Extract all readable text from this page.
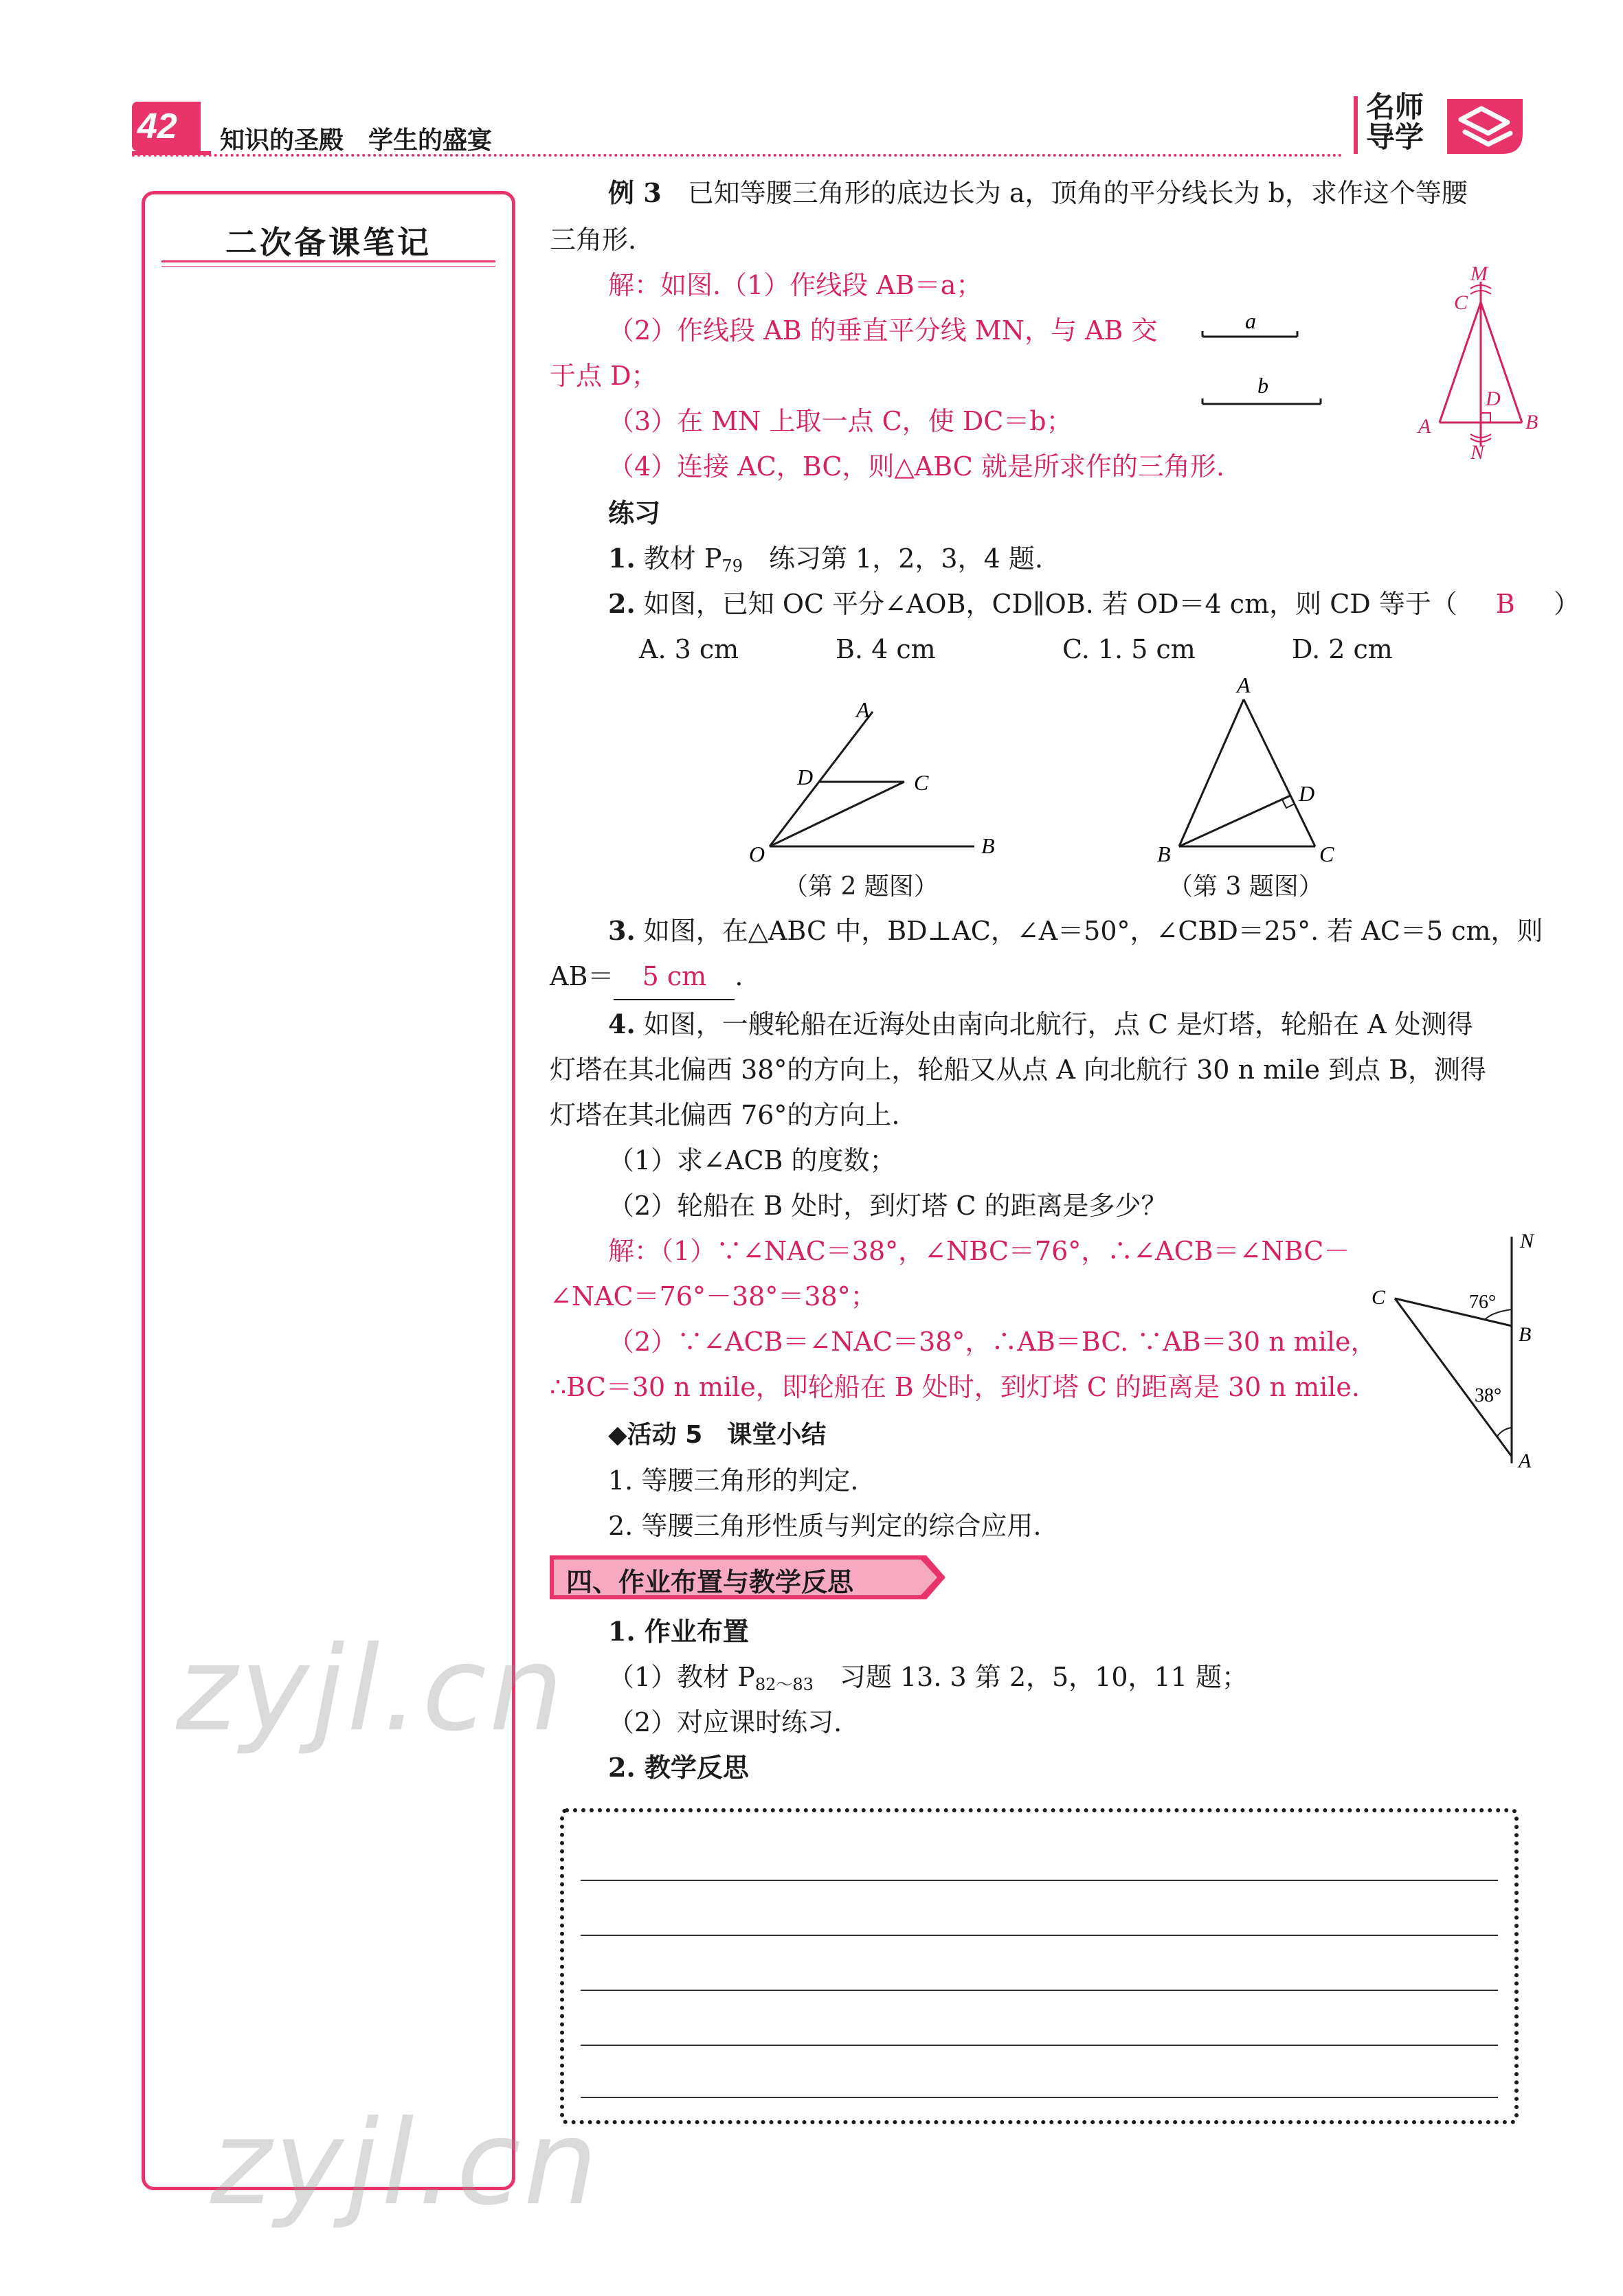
42 知识的圣殿　学生的盛宴
名师
导学
二次备课笔记
zyjl.cn
zyjl.cn
例 3 已知等腰三角形的底边长为 a，顶角的平分线长为 b，求作这个等腰
三角形.
解：如图.（1）作线段 AB＝a；
（2）作线段 AB 的垂直平分线 MN，与 AB 交
于点 D；
（3）在 MN 上取一点 C，使 DC＝b；
（4）连接 AC，BC，则△ABC 就是所求作的三角形.
a
b
M
C
D
A	B
N
练习
1. 教材 $P_{79}$　练习第 1，2，3，4 题.
2. 如图，已知 OC 平分∠AOB，CD∥OB. 若 OD＝4 cm，则 CD 等于（ B ）
A. 3 cm	B. 4 cm	C. 1. 5 cm	D. 2 cm
A
D	C
O	B
（第 2 题图）
A
D
B	C
（第 3 题图）
3. 如图，在△ABC 中，BD⊥AC，∠A＝50°，∠CBD＝25°. 若 AC＝5 cm，则
AB＝ 5 cm .
4. 如图，一艘轮船在近海处由南向北航行，点 C 是灯塔，轮船在 A 处测得
灯塔在其北偏西 38°的方向上，轮船又从点 A 向北航行 30 n mile 到点 B，测得
灯塔在其北偏西 76°的方向上.
（1）求∠ACB 的度数；
（2）轮船在 B 处时，到灯塔 C 的距离是多少？
解：（1）∵∠NAC＝38°，∠NBC＝76°，∴∠ACB＝∠NBC－
∠NAC＝76°－38°＝38°；
（2）∵∠ACB＝∠NAC＝38°，∴AB＝BC. ∵AB＝30 n mile，
∴BC＝30 n mile，即轮船在 B 处时，到灯塔 C 的距离是 30 n mile.
N
C
B
A
76°
38°
◆活动 5　课堂小结
1. 等腰三角形的判定.
2. 等腰三角形性质与判定的综合应用.
四、作业布置与教学反思
1. 作业布置
（1）教材 $P_{82\sim 83}$　习题 13. 3 第 2，5，10，11 题；
（2）对应课时练习.
2. 教学反思
